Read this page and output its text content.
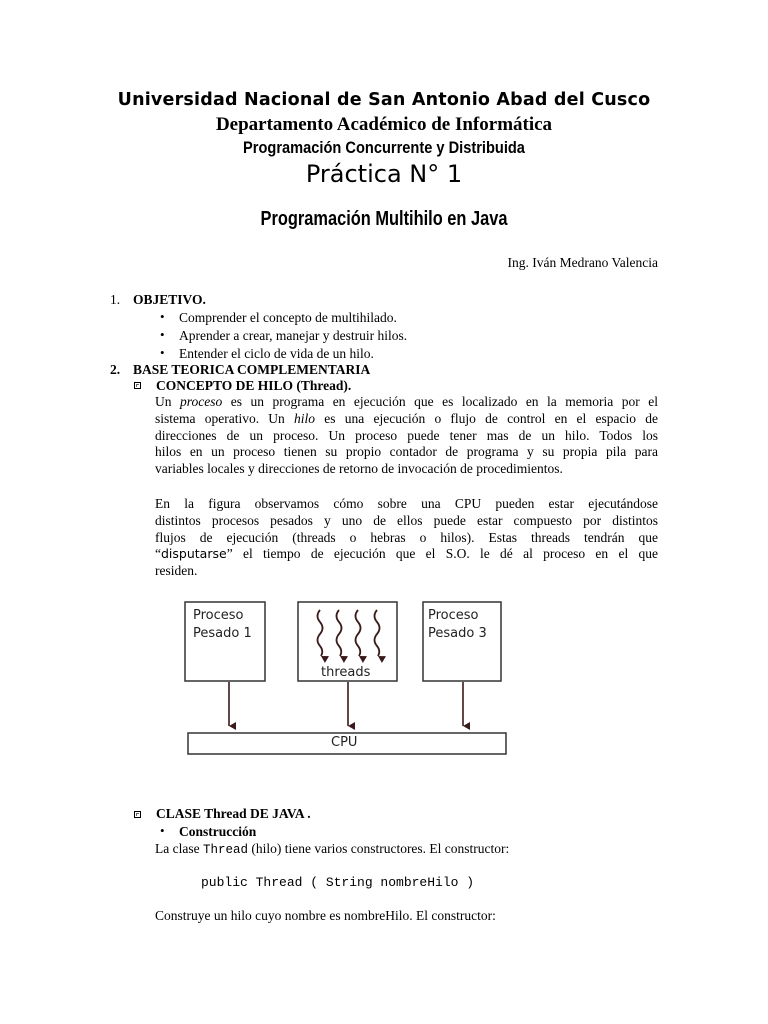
Universidad Nacional de San Antonio Abad del Cusco
Departamento Académico de Informática
Programación Concurrente y Distribuida
Práctica N° 1
Programación Multihilo en Java
Ing. Iván Medrano Valencia
1. OBJETIVO.
• Comprender el concepto de multihilado.
• Aprender a crear, manejar y destruir hilos.
• Entender el ciclo de vida de un hilo.
2. BASE TEORICA COMPLEMENTARIA
CONCEPTO DE HILO (Thread).
Un proceso es un programa en ejecución que es localizado en la memoria por el
sistema operativo. Un hilo es una ejecución o flujo de control en el espacio de
direcciones de un proceso. Un proceso puede tener mas de un hilo. Todos los
hilos en un proceso tienen su propio contador de programa y su propia pila para
variables locales y direcciones de retorno de invocación de procedimientos.
En la figura observamos cómo sobre una CPU pueden estar ejecutándose
distintos procesos pesados y uno de ellos puede estar compuesto por distintos
flujos de ejecución (threads o hebras o hilos). Estas threads tendrán que
“disputarse” el tiempo de ejecución que el S.O. le dé al proceso en el que
residen.
Proceso
Pesado 1
threads
Proceso
Pesado 3
CPU
CLASE Thread DE JAVA .
• Construcción
La clase Thread (hilo) tiene varios constructores. El constructor:
public Thread ( String nombreHilo )
Construye un hilo cuyo nombre es nombreHilo. El constructor:
